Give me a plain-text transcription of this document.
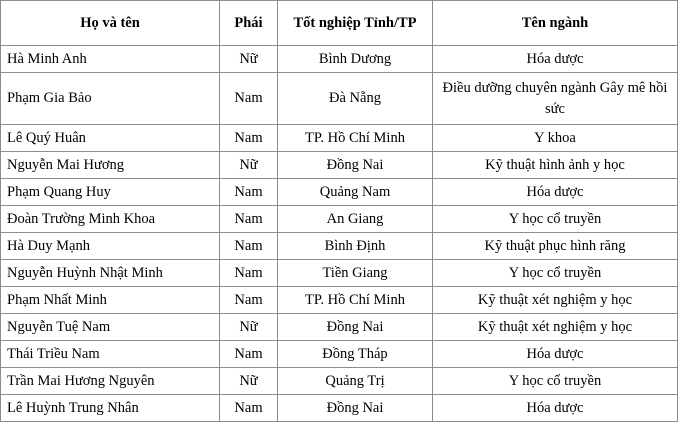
Họ và tên	Phái	Tốt nghiệp Tỉnh/TP	Tên ngành
Hà Minh Anh	Nữ	Bình Dương	Hóa dược
Phạm Gia Bảo	Nam	Đà Nẵng	Điều dưỡng chuyên ngành Gây mê hồi sức
Lê Quý Huân	Nam	TP. Hồ Chí Minh	Y khoa
Nguyễn Mai Hương	Nữ	Đồng Nai	Kỹ thuật hình ảnh y học
Phạm Quang Huy	Nam	Quảng Nam	Hóa dược
Đoàn Trường Minh Khoa	Nam	An Giang	Y học cổ truyền
Hà Duy Mạnh	Nam	Bình Định	Kỹ thuật phục hình răng
Nguyễn Huỳnh Nhật Minh	Nam	Tiền Giang	Y học cổ truyền
Phạm Nhất Minh	Nam	TP. Hồ Chí Minh	Kỹ thuật xét nghiệm y học
Nguyễn Tuệ Nam	Nữ	Đồng Nai	Kỹ thuật xét nghiệm y học
Thái Triều Nam	Nam	Đồng Tháp	Hóa dược
Trần Mai Hương Nguyên	Nữ	Quảng Trị	Y học cổ truyền
Lê Huỳnh Trung Nhân	Nam	Đồng Nai	Hóa dược
